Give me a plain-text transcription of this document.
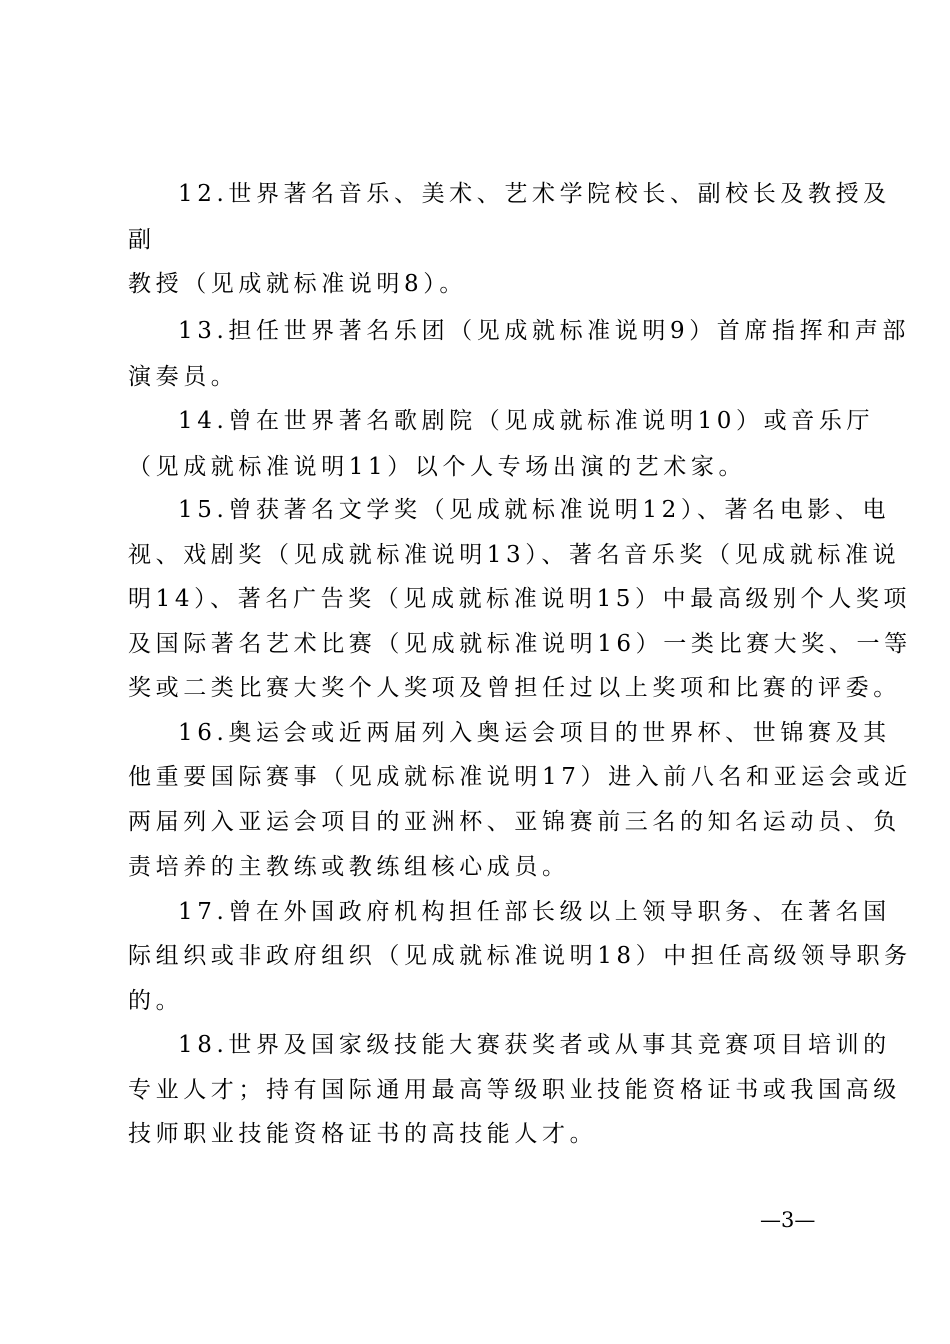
12.世界著名音乐、美术、艺术学院校长、副校长及教授及
副
教授（见成就标准说明8）。
13.担任世界著名乐团（见成就标准说明9）首席指挥和声部
演奏员。
14.曾在世界著名歌剧院（见成就标准说明10）或音乐厅
（见成就标准说明11）以个人专场出演的艺术家。
15.曾获著名文学奖（见成就标准说明12）、著名电影、电
视、戏剧奖（见成就标准说明13）、著名音乐奖（见成就标准说
明14）、著名广告奖（见成就标准说明15）中最高级别个人奖项
及国际著名艺术比赛（见成就标准说明16）一类比赛大奖、一等
奖或二类比赛大奖个人奖项及曾担任过以上奖项和比赛的评委。
16.奥运会或近两届列入奥运会项目的世界杯、世锦赛及其
他重要国际赛事（见成就标准说明17）进入前八名和亚运会或近
两届列入亚运会项目的亚洲杯、亚锦赛前三名的知名运动员、负
责培养的主教练或教练组核心成员。
17.曾在外国政府机构担任部长级以上领导职务、在著名国
际组织或非政府组织（见成就标准说明18）中担任高级领导职务
的。
18.世界及国家级技能大赛获奖者或从事其竞赛项目培训的
专业人才；持有国际通用最高等级职业技能资格证书或我国高级
技师职业技能资格证书的高技能人才。
—3—
